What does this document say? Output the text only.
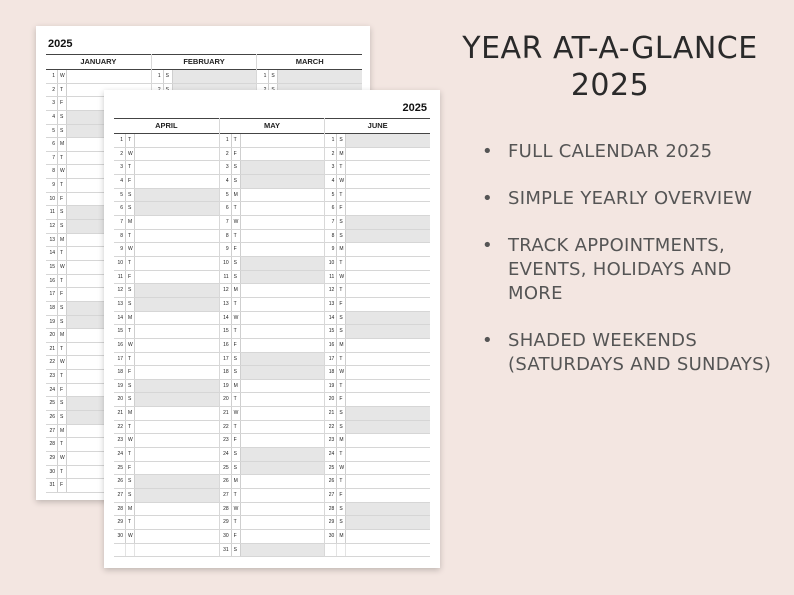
2025
JANUARY
1	W
2	T
3	F
4	S
5	S
6	M
7	T
8	W
9	T
10	F
11	S
12	S
13	M
14	T
15	W
16	T
17	F
18	S
19	S
20	M
21	T
22	W
23	T
24	F
25	S
26	S
27	M
28	T
29	W
30	T
31	F
FEBRUARY
1	S
MARCH
1	S
2025
APRIL
1	T
2	W
3	T
4	F
5	S
6	S
7	M
8	T
9	W
10	T
11	F
12	S
13	S
14	M
15	T
16	W
17	T
18	F
19	S
20	S
21	M
22	T
23	W
24	T
25	F
26	S
27	S
28	M
29	T
30	W
MAY
1	T
2	F
3	S
4	S
5	M
6	T
7	W
8	T
9	F
10	S
11	S
12	M
13	T
14	W
15	T
16	F
17	S
18	S
19	M
20	T
21	W
22	T
23	F
24	S
25	S
26	M
27	T
28	W
29	T
30	F
31	S
JUNE
1	S
2	M
3	T
4	W
5	T
6	F
7	S
8	S
9	M
10	T
11	W
12	T
13	F
14	S
15	S
16	M
17	T
18	W
19	T
20	F
21	S
22	S
23	M
24	T
25	W
26	T
27	F
28	S
29	S
30	M
YEAR AT-A-GLANCE
2025
• FULL CALENDAR 2025
• SIMPLE YEARLY OVERVIEW
• TRACK APPOINTMENTS, EVENTS, HOLIDAYS AND MORE
• SHADED WEEKENDS (SATURDAYS AND SUNDAYS)
